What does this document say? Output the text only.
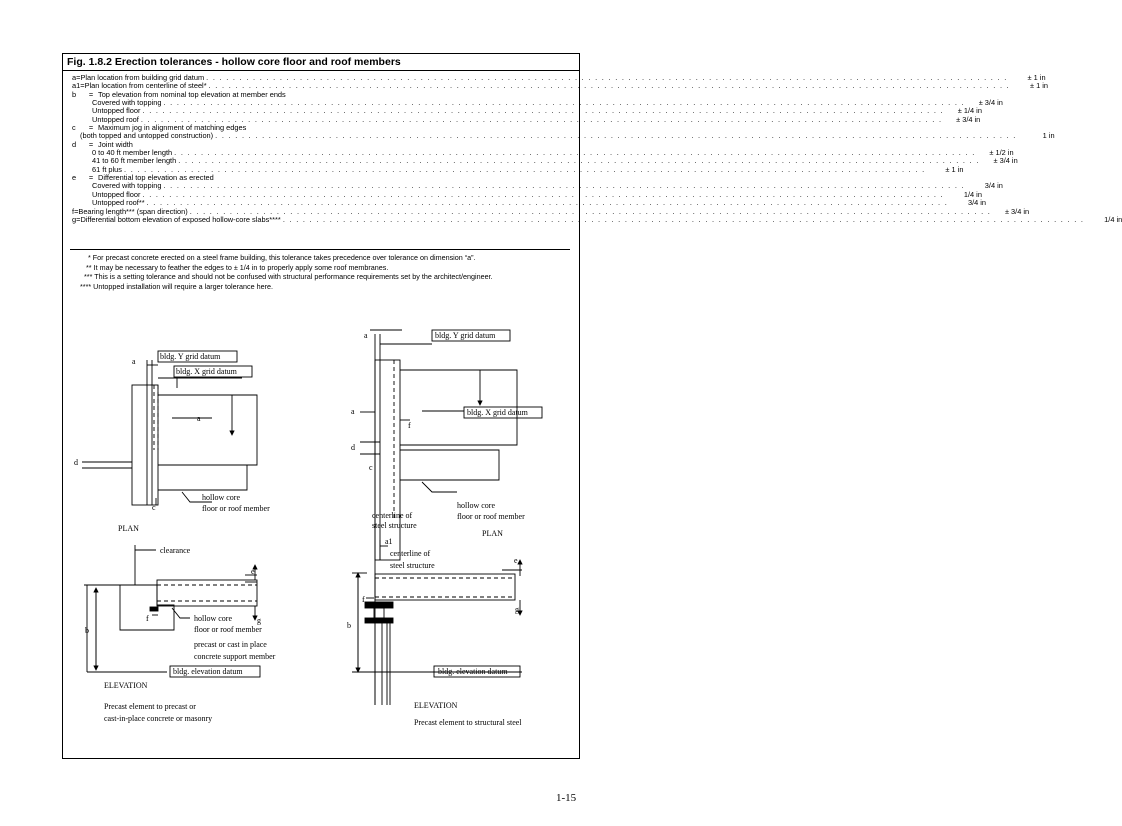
Fig. 1.8.2 Erection tolerances - hollow core floor and roof members
a = Plan location from building grid datum . . . . . . . . . . . . . . . . . . . . . . . . . . . . . . . . . . . . . . . . . . . . . . . . . . . . . . . . . . . . . . . . . . . . . . . . . . . . . . . . . . . . . . . . . . . . . . . . . . . . . . . . . . . . . . . . . . . . . . . .	± 1 in
a1 = Plan location from centerline of steel* . . . . . . . . . . . . . . . . . . . . . . . . . . . . . . . . . . . . . . . . . . . . . . . . . . . . . . . . . . . . . . . . . . . . . . . . . . . . . . . . . . . . . . . . . . . . . . . . . . . . . . . . . . . . . . . . . . . . . . . .	± 1 in
b	= Top elevation from nominal top elevation at member ends
Covered with topping . . . . . . . . . . . . . . . . . . . . . . . . . . . . . . . . . . . . . . . . . . . . . . . . . . . . . . . . . . . . . . . . . . . . . . . . . . . . . . . . . . . . . . . . . . . . . . . . . . . . . . . . . . . . . . . . . . . . . . . .	± 3/4 in
Untopped floor . . . . . . . . . . . . . . . . . . . . . . . . . . . . . . . . . . . . . . . . . . . . . . . . . . . . . . . . . . . . . . . . . . . . . . . . . . . . . . . . . . . . . . . . . . . . . . . . . . . . . . . . . . . . . . . . . . . . . . . .	± 1/4 in
Untopped roof . . . . . . . . . . . . . . . . . . . . . . . . . . . . . . . . . . . . . . . . . . . . . . . . . . . . . . . . . . . . . . . . . . . . . . . . . . . . . . . . . . . . . . . . . . . . . . . . . . . . . . . . . . . . . . . . . . . . . . . .	± 3/4 in
c	= Maximum jog in alignment of matching edges
(both topped and untopped construction) . . . . . . . . . . . . . . . . . . . . . . . . . . . . . . . . . . . . . . . . . . . . . . . . . . . . . . . . . . . . . . . . . . . . . . . . . . . . . . . . . . . . . . . . . . . . . . . . . . . . . . . . . . . . . . . . . . . . . . . .	1 in
d	= Joint width
0 to 40 ft member length . . . . . . . . . . . . . . . . . . . . . . . . . . . . . . . . . . . . . . . . . . . . . . . . . . . . . . . . . . . . . . . . . . . . . . . . . . . . . . . . . . . . . . . . . . . . . . . . . . . . . . . . . . . . . . . . . . . . . . . .	± 1/2 in
41 to 60 ft member length . . . . . . . . . . . . . . . . . . . . . . . . . . . . . . . . . . . . . . . . . . . . . . . . . . . . . . . . . . . . . . . . . . . . . . . . . . . . . . . . . . . . . . . . . . . . . . . . . . . . . . . . . . . . . . . . . . . . . . . .	± 3/4 in
61 ft plus . . . . . . . . . . . . . . . . . . . . . . . . . . . . . . . . . . . . . . . . . . . . . . . . . . . . . . . . . . . . . . . . . . . . . . . . . . . . . . . . . . . . . . . . . . . . . . . . . . . . . . . . . . . . . . . . . . . . . . . .	± 1 in
e	= Differential top elevation as erected
Covered with topping . . . . . . . . . . . . . . . . . . . . . . . . . . . . . . . . . . . . . . . . . . . . . . . . . . . . . . . . . . . . . . . . . . . . . . . . . . . . . . . . . . . . . . . . . . . . . . . . . . . . . . . . . . . . . . . . . . . . . . . .	3/4 in
Untopped floor . . . . . . . . . . . . . . . . . . . . . . . . . . . . . . . . . . . . . . . . . . . . . . . . . . . . . . . . . . . . . . . . . . . . . . . . . . . . . . . . . . . . . . . . . . . . . . . . . . . . . . . . . . . . . . . . . . . . . . . .	1/4 in
Untopped roof** . . . . . . . . . . . . . . . . . . . . . . . . . . . . . . . . . . . . . . . . . . . . . . . . . . . . . . . . . . . . . . . . . . . . . . . . . . . . . . . . . . . . . . . . . . . . . . . . . . . . . . . . . . . . . . . . . . . . . . . .	3/4 in
f = Bearing length*** (span direction) . . . . . . . . . . . . . . . . . . . . . . . . . . . . . . . . . . . . . . . . . . . . . . . . . . . . . . . . . . . . . . . . . . . . . . . . . . . . . . . . . . . . . . . . . . . . . . . . . . . . . . . . . . . . . . . . . . . . . . . .	± 3/4 in
g = Differential bottom elevation of exposed hollow-core slabs**** . . . . . . . . . . . . . . . . . . . . . . . . . . . . . . . . . . . . . . . . . . . . . . . . . . . . . . . . . . . . . . . . . . . . . . . . . . . . . . . . . . . . . . . . . . . . . . . . . . . . . . . . . . . . . . . . . . . . . . . .	1/4 in
* For precast concrete erected on a steel frame building, this tolerance takes precedence over tolerance on dimension “a”.
** It may be necessary to feather the edges to ± 1/4 in to properly apply some roof membranes.
*** This is a setting tolerance and should not be confused with structural performance requirements set by the architect/engineer.
**** Untopped installation will require a larger tolerance here.
bldg. Y grid datum
bldg. X grid datum
a
a
d
c
hollow core
floor or roof member
PLAN
bldg. Y grid datum
bldg. X grid datum
a
a
f
d
c
hollow core
floor or roof member
centerline of
steel structure
PLAN
clearance
e
f	g
b
hollow core
floor or roof member
precast or cast in place
concrete support member
bldg. elevation datum
ELEVATION
Precast element to precast or
cast-in-place concrete or masonry
a1
centerline of
steel structure
e
f
g
b
bldg. elevation datum
ELEVATION
Precast element to structural steel
1-15
